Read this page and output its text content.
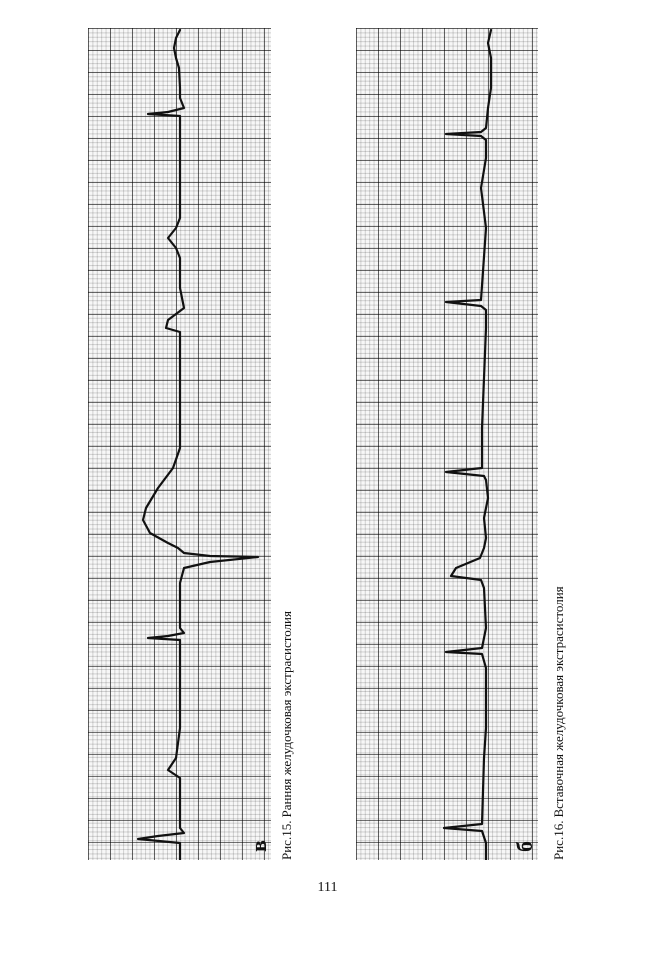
в Рис.15.Ранняя желудочковая экстрасистолия
б Рис.16.Вставочная желудочковая экстрасистолия
111
